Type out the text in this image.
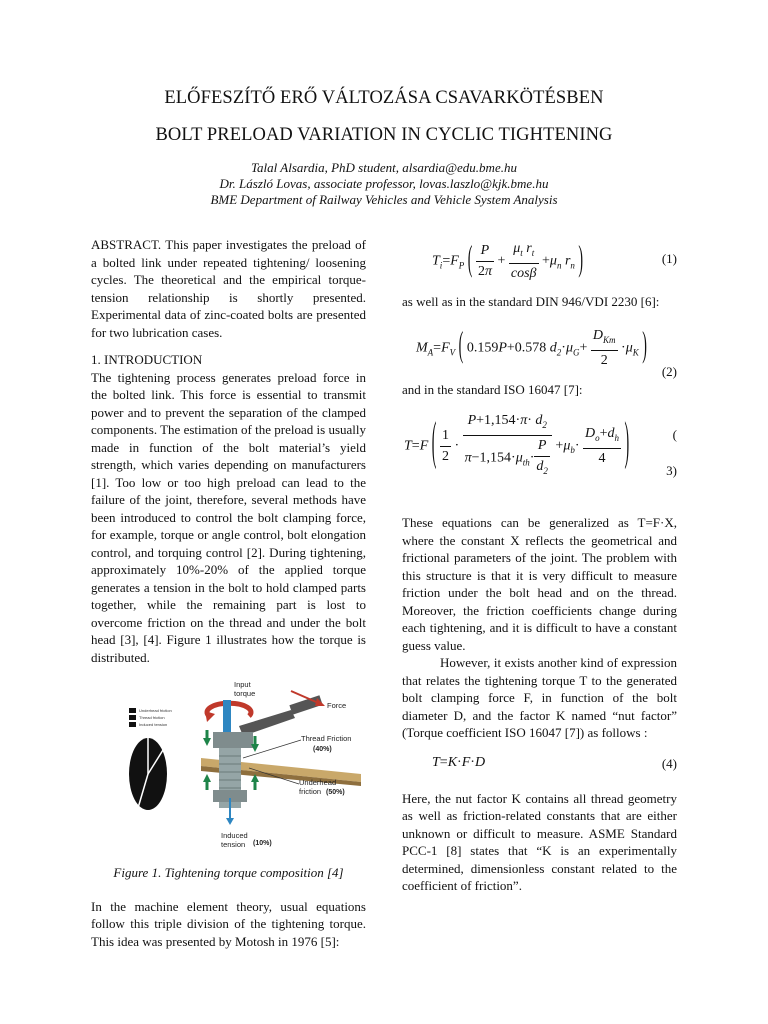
ELŐFESZÍTŐ ERŐ VÁLTOZÁSA CSAVARKÖTÉSBEN
BOLT PRELOAD VARIATION IN CYCLIC TIGHTENING
Talal Alsardia, PhD student, alsardia@edu.bme.hu
Dr. László Lovas, associate professor, lovas.laszlo@kjk.bme.hu
BME Department of Railway Vehicles and Vehicle System Analysis

ABSTRACT. This paper investigates the preload of a bolted link under repeated tightening/ loosening cycles. The theoretical and the empirical torque-tension relationship is shortly presented. Experimental data of zinc-coated bolts are presented for two lubrication cases.

1. INTRODUCTION

The tightening process generates preload force in the bolted link. This force is essential to transmit power and to prevent the separation of the clamped components. The estimation of the preload is usually made in function of the bolt material’s yield strength, which varies depending on manufacturers [1]. Too low or too high preload can lead to the failure of the joint, therefore, several methods have been introduced to control the bolt clamping force, for example, torque or angle control, bolt elongation control, and torquing control [2]. During tightening, approximately 10%-20% of the applied torque generates a tension in the bolt to hold clamped parts together, while the remaining part is lost to overcome friction on the thread and under the bolt head [3], [4]. Figure 1 illustrates how the torque is distributed.

Underhead friction
Thread friction
Induced tension
Input
torque
Force
Thread Friction
(40%)
Underhead
friction (50%)
Induced
tension (10%)

Figure 1. Tightening torque composition [4]

In the machine element theory, usual equations follow this triple division of the tightening torque. This idea was presented by Motosh in 1976 [5]:

$T_i=F_P$ ( $\frac{P}{2\pi} + \frac{\mu_t r_t}{\cos\beta} +\mu_n$ $r_n$ )	(1)

as well as in the standard DIN 946/VDI 2230 [6]:

$M_A=F_V$ ( 0.159P+0.578 $d_2\cdot\mu_G+ \frac{D_{Km}}{2} \cdot\mu_K$ )
(2)

and in the standard ISO 16047 [7]:

T=F ( $\frac{1}{2} \cdot \frac{P+1,154\cdot\pi\cdot d_2}{\pi-1,154\cdot\mu_{th}\cdot \frac{P}{d_2}} +\mu_b\cdot \frac{D_o+d_h}{4}$ )	(
3)

These equations can be generalized as T=F·X, where the constant X reflects the geometrical and frictional parameters of the joint. The problem with this structure is that it is very difficult to measure friction under the bolt head and on the thread. Moreover, the friction coefficients change during each tightening, and it is difficult to have a constant guess value.

However, it exists another kind of expression that relates the tightening torque T to the generated bolt clamping force F, in function of the bolt diameter D, and the factor K named “nut factor” (Torque coefficient ISO 16047 [7]) as follows :

T=K·F·D	(4)

Here, the nut factor K contains all thread geometry as well as friction-related constants that are either unknown or difficult to measure. ASME Standard PCC-1 [8] states that “K is an experimentally determined, dimensionless constant related to the coefficient of friction”.
